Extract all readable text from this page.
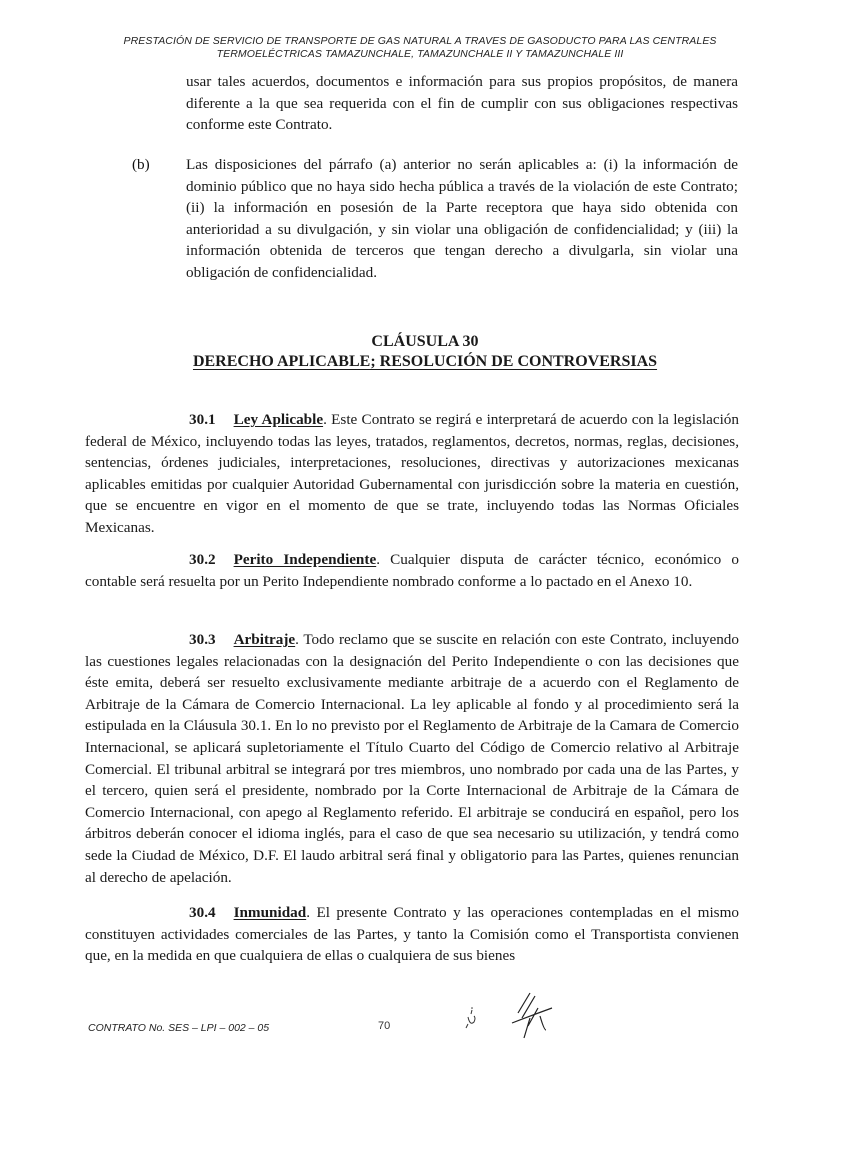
PRESTACIÓN DE SERVICIO DE TRANSPORTE DE GAS NATURAL A TRAVES DE GASODUCTO PARA LAS CENTRALES
TERMOELÉCTRICAS TAMAZUNCHALE, TAMAZUNCHALE II Y TAMAZUNCHALE III
usar tales acuerdos, documentos e información para sus propios propósitos, de manera diferente a la que sea requerida con el fin de cumplir con sus obligaciones respectivas conforme este Contrato.
(b) Las disposiciones del párrafo (a) anterior no serán aplicables a: (i) la información de dominio público que no haya sido hecha pública a través de la violación de este Contrato; (ii) la información en posesión de la Parte receptora que haya sido obtenida con anterioridad a su divulgación, y sin violar una obligación de confidencialidad; y (iii) la información obtenida de terceros que tengan derecho a divulgarla, sin violar una obligación de confidencialidad.
CLÁUSULA 30
DERECHO APLICABLE; RESOLUCIÓN DE CONTROVERSIAS
30.1 Ley Aplicable. Este Contrato se regirá e interpretará de acuerdo con la legislación federal de México, incluyendo todas las leyes, tratados, reglamentos, decretos, normas, reglas, decisiones, sentencias, órdenes judiciales, interpretaciones, resoluciones, directivas y autorizaciones mexicanas aplicables emitidas por cualquier Autoridad Gubernamental con jurisdicción sobre la materia en cuestión, que se encuentre en vigor en el momento de que se trate, incluyendo todas las Normas Oficiales Mexicanas.
30.2 Perito Independiente. Cualquier disputa de carácter técnico, económico o contable será resuelta por un Perito Independiente nombrado conforme a lo pactado en el Anexo 10.
30.3 Arbitraje. Todo reclamo que se suscite en relación con este Contrato, incluyendo las cuestiones legales relacionadas con la designación del Perito Independiente o con las decisiones que éste emita, deberá ser resuelto exclusivamente mediante arbitraje de a acuerdo con el Reglamento de Arbitraje de la Cámara de Comercio Internacional. La ley aplicable al fondo y al procedimiento será la estipulada en la Cláusula 30.1. En lo no previsto por el Reglamento de Arbitraje de la Camara de Comercio Internacional, se aplicará supletoriamente el Título Cuarto del Código de Comercio relativo al Arbitraje Comercial. El tribunal arbitral se integrará por tres miembros, uno nombrado por cada una de las Partes, y el tercero, quien será el presidente, nombrado por la Corte Internacional de Arbitraje de la Cámara de Comercio Internacional, con apego al Reglamento referido. El arbitraje se conducirá en español, pero los árbitros deberán conocer el idioma inglés, para el caso de que sea necesario su utilización, y tendrá como sede la Ciudad de México, D.F. El laudo arbitral será final y obligatorio para las Partes, quienes renuncian al derecho de apelación.
30.4 Inmunidad. El presente Contrato y las operaciones contempladas en el mismo constituyen actividades comerciales de las Partes, y tanto la Comisión como el Transportista convienen que, en la medida en que cualquiera de ellas o cualquiera de sus bienes
CONTRATO No. SES – LPI – 002 – 05	70
